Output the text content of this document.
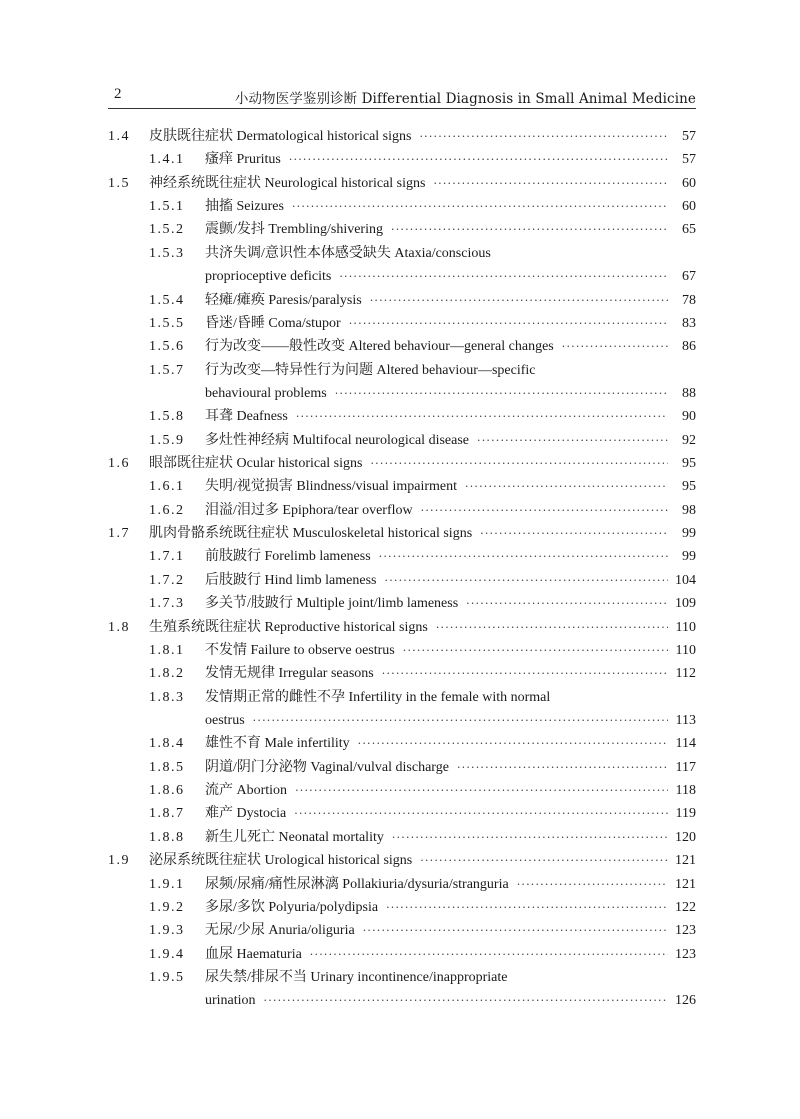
2	小动物医学鉴别诊断 Differential Diagnosis in Small Animal Medicine
1.4 皮肤既往症状 Dermatological historical signs ·····	57
1.4.1 瘙痒 Pruritus ·····	57
1.5 神经系统既往症状 Neurological historical signs ·····	60
1.5.1 抽搐 Seizures ·····	60
1.5.2 震颤/发抖 Trembling/shivering ·····	65
1.5.3 共济失调/意识性本体感受缺失 Ataxia/conscious
proprioceptive deficits ·····	67
1.5.4 轻瘫/瘫痪 Paresis/paralysis ·····	78
1.5.5 昏迷/昏睡 Coma/stupor ·····	83
1.5.6 行为改变——般性改变 Altered behaviour—general changes ·····	86
1.5.7 行为改变—特异性行为问题 Altered behaviour—specific
behavioural problems ·····	88
1.5.8 耳聋 Deafness ·····	90
1.5.9 多灶性神经病 Multifocal neurological disease ·····	92
1.6 眼部既往症状 Ocular historical signs ·····	95
1.6.1 失明/视觉损害 Blindness/visual impairment ·····	95
1.6.2 泪溢/泪过多 Epiphora/tear overflow ·····	98
1.7 肌肉骨骼系统既往症状 Musculoskeletal historical signs ·····	99
1.7.1 前肢跛行 Forelimb lameness ·····	99
1.7.2 后肢跛行 Hind limb lameness ·····	104
1.7.3 多关节/肢跛行 Multiple joint/limb lameness ·····	109
1.8 生殖系统既往症状 Reproductive historical signs ·····	110
1.8.1 不发情 Failure to observe oestrus ·····	110
1.8.2 发情无规律 Irregular seasons ·····	112
1.8.3 发情期正常的雌性不孕 Infertility in the female with normal
oestrus ·····	113
1.8.4 雄性不育 Male infertility ·····	114
1.8.5 阴道/阴门分泌物 Vaginal/vulval discharge ·····	117
1.8.6 流产 Abortion ·····	118
1.8.7 难产 Dystocia ·····	119
1.8.8 新生儿死亡 Neonatal mortality ·····	120
1.9 泌尿系统既往症状 Urological historical signs ·····	121
1.9.1 尿频/尿痛/痛性尿淋漓 Pollakiuria/dysuria/stranguria ·····	121
1.9.2 多尿/多饮 Polyuria/polydipsia ·····	122
1.9.3 无尿/少尿 Anuria/oliguria ·····	123
1.9.4 血尿 Haematuria ·····	123
1.9.5 尿失禁/排尿不当 Urinary incontinence/inappropriate
urination ·····	126
